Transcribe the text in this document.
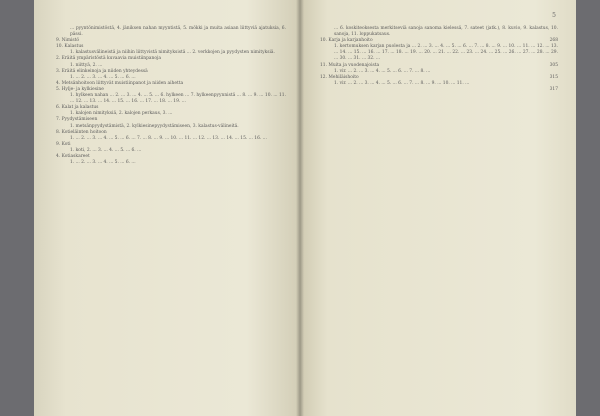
... pyyntönimistöstä, 4. jäniksen nahan myyntistä, 5. mökki ja muita asiaan liittyviä ajatuksia, 6. pässi.
9. Nimistö
10. Kalastus
1. kalastusvälineistä ja niihin liittyvistä nimityksistä ... 2. verkkojen ja pyydysten nimityksiä.
2. Eräitä ympäristöstä kuvaavia muistiinpanoja
1. niittyä, 2. ...
3. Eräitä elinkeinoja ja niiden yhteydessä
1. ... 2. ... 3. ... 4. ... 5. ... 6. ...
4. Metsänhoitoon liittyvät muistiinpanot ja niiden aihetta
5. Hylje- ja kylkiesine
1. hylkeen nahan ... 2. ... 3. ... 4. ... 5. ... 6. hylkeen ... 7. hylkeenpyynnistä ... 8. ... 9. ... 10. ... 11. ... 12. ... 13. ... 14. ... 15. ... 16. ... 17. ... 18. ... 19. ...
6. Kalat ja kalastus
1. kalojen nimityksiä, 2. kalojen perkaus, 3. ...
7. Pyydystämiseen
1. metsänpyydystämistä, 2. kylkiesinepyydystämiseen, 3. kalastus-välineitä.
8. Kotieläinten hoitoon
1. ... 2. ... 3. ... 4. ... 5. ... 6. ... 7. ... 8. ... 9. ... 10. ... 11. ... 12. ... 13. ... 14. ... 15. ... 16. ...
9. Koti
1. koti, 2. ... 3. ... 4. ... 5. ... 6. ...
4. Kotiaskareet
1. ... 2. ... 3. ... 4. ... 5. ... 6. ...
5
... 6. koskiteoksesta merkitseviä sanoja sanoma kielessä, 7. sateet (jatk.), 8. kuvio, 9. kalastus, 10. sanoja, 11. loppukatsaus.
10. Karja ja karjanhoito	268
1. kertomuksen karjan puolesta ja ... 2. ... 3. ... 4. ... 5. ... 6. ... 7. ... 8. ... 9. ... 10. ... 11. ... 12. ... 13. ... 14. ... 15. ... 16. ... 17. ... 18. ... 19. ... 20. ... 21. ... 22. ... 23. ... 24. ... 25. ... 26. ... 27. ... 28. ... 29. ... 30. ... 31. ... 32. ...
11. Muita ja vuodenajoista	305
1. vir. ... 2. ... 3. ... 4. ... 5. ... 6. ... 7. ... 8. ...
12. Mehiläishoito	315
1. vir. ... 2. ... 3. ... 4. ... 5. ... 6. ... 7. ... 8. ... 9. ... 10. ... 11. ...
317
